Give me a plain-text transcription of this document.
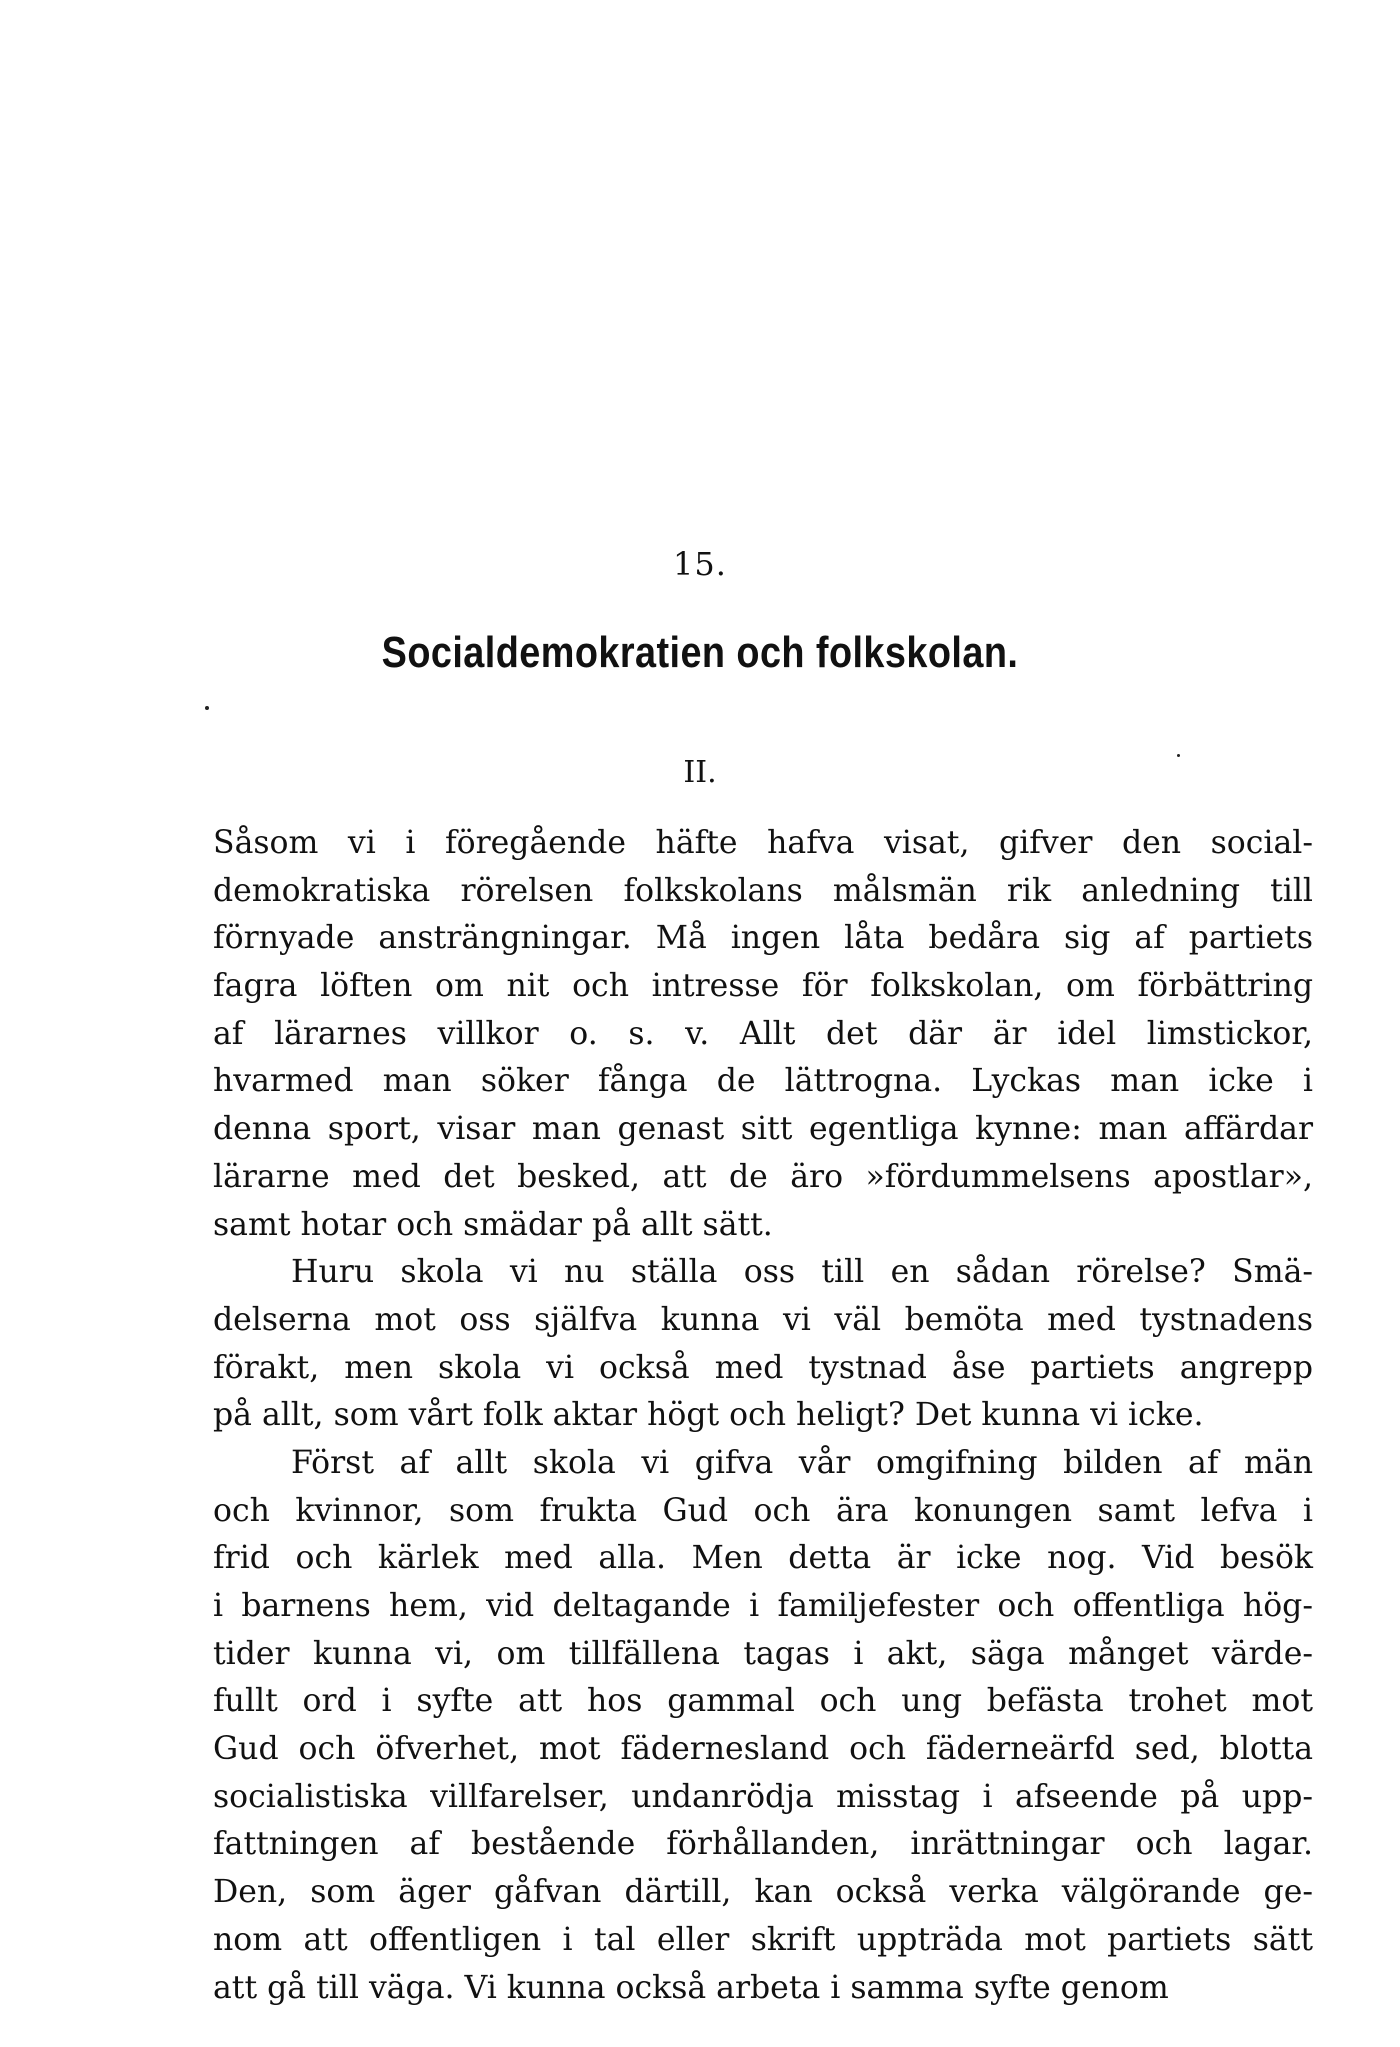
15.
Socialdemokratien och folkskolan.
II.
Såsom vi i föregående häfte hafva visat, gifver den social-
demokratiska rörelsen folkskolans målsmän rik anledning till
förnyade ansträngningar. Må ingen låta bedåra sig af partiets
fagra löften om nit och intresse för folkskolan, om förbättring
af lärarnes villkor o. s. v. Allt det där är idel limstickor,
hvarmed man söker fånga de lättrogna. Lyckas man icke i
denna sport, visar man genast sitt egentliga kynne: man affärdar
lärarne med det besked, att de äro »fördummelsens apostlar»,
samt hotar och smädar på allt sätt.
Huru skola vi nu ställa oss till en sådan rörelse? Smä-
delserna mot oss själfva kunna vi väl bemöta med tystnadens
förakt, men skola vi också med tystnad åse partiets angrepp
på allt, som vårt folk aktar högt och heligt? Det kunna vi icke.
Först af allt skola vi gifva vår omgifning bilden af män
och kvinnor, som frukta Gud och ära konungen samt lefva i
frid och kärlek med alla. Men detta är icke nog. Vid besök
i barnens hem, vid deltagande i familjefester och offentliga hög-
tider kunna vi, om tillfällena tagas i akt, säga månget värde-
fullt ord i syfte att hos gammal och ung befästa trohet mot
Gud och öfverhet, mot fädernesland och fäderneärfd sed, blotta
socialistiska villfarelser, undanrödja misstag i afseende på upp-
fattningen af bestående förhållanden, inrättningar och lagar.
Den, som äger gåfvan därtill, kan också verka välgörande ge-
nom att offentligen i tal eller skrift uppträda mot partiets sätt
att gå till väga. Vi kunna också arbeta i samma syfte genom
